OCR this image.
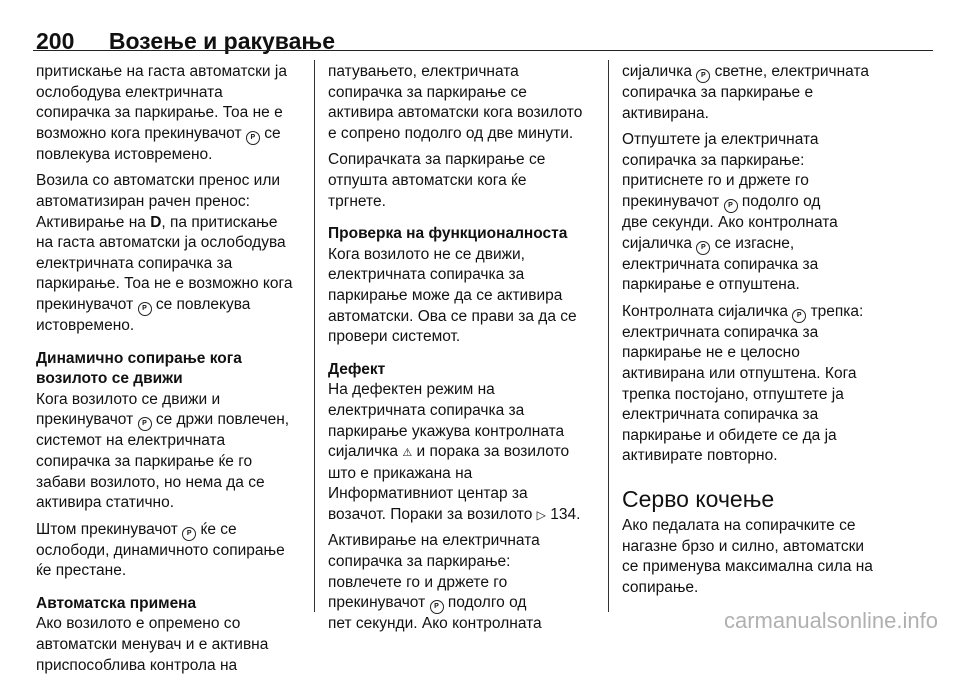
200 Возење и ракување
притискање на гаста автоматски ја
ослободува електричната
сопирачка за паркирање. Тоа не е
возможно кога прекинувачот P се
повлекува истовремено.
Возила со автоматски пренос или
автоматизиран рачен пренос:
Активирање на D, па притискање
на гаста автоматски ја ослободува
електричната сопирачка за
паркирање. Тоа не е возможно кога
прекинувачот P се повлекува
истовремено.
Динамично сопирање кога
возилото се движи
Кога возилото се движи и
прекинувачот P се држи повлечен,
системот на електричната
сопирачка за паркирање ќе го
забави возилото, но нема да се
активира статично.
Штом прекинувачот P ќе се
ослободи, динамичното сопирање
ќе престане.
Автоматска примена
Ако возилото е опремено со
автоматски менувач и е активна
приспособлива контрола на
патувањето, електричната
сопирачка за паркирање се
активира автоматски кога возилото
е сопрено подолго од две минути.
Сопирачката за паркирање се
отпушта автоматски кога ќе
тргнете.
Проверка на функционалноста
Кога возилото не се движи,
електричната сопирачка за
паркирање може да се активира
автоматски. Ова се прави за да се
провери системот.
Дефект
На дефектен режим на
електричната сопирачка за
паркирање укажува контролната
сијаличка ⚠ и порака за возилото
што е прикажана на
Информативниот центар за
возачот. Пораки за возилото ▷ 134.
Активирање на електричната
сопирачка за паркирање:
повлечете го и држете го
прекинувачот P подолго од
пет секунди. Ако контролната
сијаличка P светне, електричната
сопирачка за паркирање е
активирана.
Отпуштете ја електричната
сопирачка за паркирање:
притиснете го и држете го
прекинувачот P подолго од
две секунди. Ако контролната
сијаличка P се изгасне,
електричната сопирачка за
паркирање е отпуштена.
Контролната сијаличка P трепка:
електричната сопирачка за
паркирање не е целосно
активирана или отпуштена. Кога
трепка постојано, отпуштете ја
електричната сопирачка за
паркирање и обидете се да ја
активирате повторно.
Серво кочење
Ако педалата на сопирачките се
нагазне брзо и силно, автоматски
се применува максимална сила на
сопирање.
carmanualsonline.info
